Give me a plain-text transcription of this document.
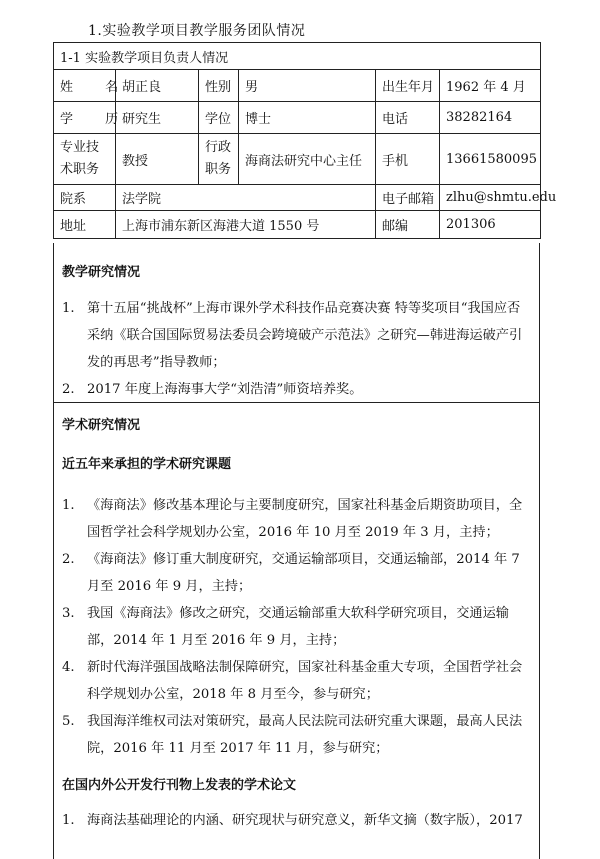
1.实验教学项目教学服务团队情况
1-1 实验教学项目负责人情况					
姓 名	胡正良	性别	男	出生年月	1962 年 4 月
学 历	研究生	学位	博士	电话	38282164
专业技
术职务	教授	行政
职务	海商法研究中心主任	手机	13661580095
院系	法学院			电子邮箱	zlhu@shmtu.edu
地址	上海市浦东新区海港大道 1550 号			邮编	201306
教学研究情况
1. 第十五届“挑战杯”上海市课外学术科技作品竞赛决赛 特等奖项目“我国应否采纳《联合国国际贸易法委员会跨境破产示范法》之研究—韩进海运破产引发的再思考”指导教师；
2. 2017 年度上海海事大学“刘浩清”师资培养奖。
学术研究情况
近五年来承担的学术研究课题
1. 《海商法》修改基本理论与主要制度研究，国家社科基金后期资助项目，全国哲学社会科学规划办公室，2016 年 10 月至 2019 年 3 月，主持；
2. 《海商法》修订重大制度研究，交通运输部项目，交通运输部，2014 年 7 月至 2016 年 9 月，主持；
3. 我国《海商法》修改之研究，交通运输部重大软科学研究项目，交通运输部，2014 年 1 月至 2016 年 9 月，主持；
4. 新时代海洋强国战略法制保障研究，国家社科基金重大专项，全国哲学社会科学规划办公室，2018 年 8 月至今，参与研究；
5. 我国海洋维权司法对策研究，最高人民法院司法研究重大课题，最高人民法院，2016 年 11 月至 2017 年 11 月，参与研究；
在国内外公开发行刊物上发表的学术论文
1. 海商法基础理论的内涵、研究现状与研究意义，新华文摘（数字版），2017
